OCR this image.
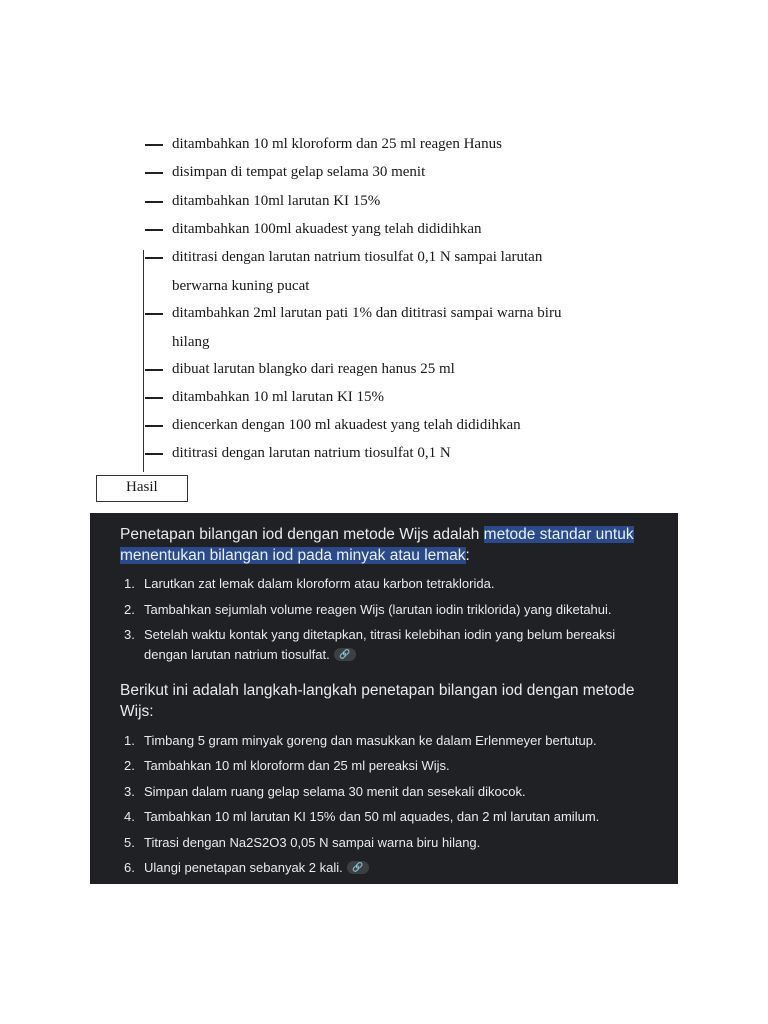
ditambahkan 10 ml kloroform dan 25 ml reagen Hanus
disimpan di tempat gelap selama 30 menit
ditambahkan 10ml larutan KI 15%
ditambahkan 100ml akuadest yang telah dididihkan
dititrasi dengan larutan natrium tiosulfat 0,1 N sampai larutan
berwarna kuning pucat
ditambahkan 2ml larutan pati 1% dan dititrasi sampai warna biru
hilang
dibuat larutan blangko dari reagen hanus 25 ml
ditambahkan 10 ml larutan KI 15%
diencerkan dengan 100 ml akuadest yang telah dididihkan
dititrasi dengan larutan natrium tiosulfat 0,1 N
Hasil
Penetapan bilangan iod dengan metode Wijs adalah metode standar untuk
menentukan bilangan iod pada minyak atau lemak:
1. Larutkan zat lemak dalam kloroform atau karbon tetraklorida.
2. Tambahkan sejumlah volume reagen Wijs (larutan iodin triklorida) yang diketahui.
3. Setelah waktu kontak yang ditetapkan, titrasi kelebihan iodin yang belum bereaksi
dengan larutan natrium tiosulfat. 🔗
Berikut ini adalah langkah-langkah penetapan bilangan iod dengan metode
Wijs:
1. Timbang 5 gram minyak goreng dan masukkan ke dalam Erlenmeyer bertutup.
2. Tambahkan 10 ml kloroform dan 25 ml pereaksi Wijs.
3. Simpan dalam ruang gelap selama 30 menit dan sesekali dikocok.
4. Tambahkan 10 ml larutan KI 15% dan 50 ml aquades, dan 2 ml larutan amilum.
5. Titrasi dengan Na2S2O3 0,05 N sampai warna biru hilang.
6. Ulangi penetapan sebanyak 2 kali. 🔗
